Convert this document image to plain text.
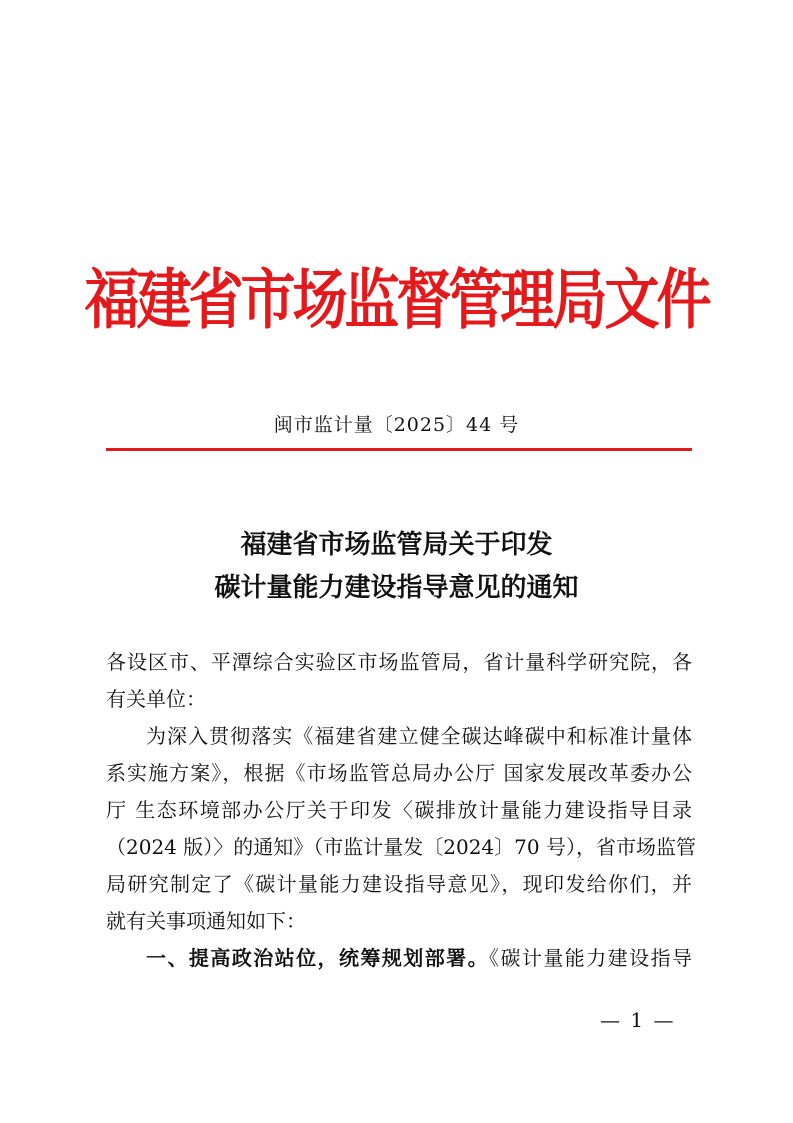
福建省市场监督管理局文件
闽市监计量〔2025〕44 号
福建省市场监管局关于印发
碳计量能力建设指导意见的通知
各设区市、平潭综合实验区市场监管局，省计量科学研究院，各
有关单位：
为深入贯彻落实《福建省建立健全碳达峰碳中和标准计量体
系实施方案》，根据《市场监管总局办公厅 国家发展改革委办公
厅 生态环境部办公厅关于印发〈碳排放计量能力建设指导目录
（2024 版）〉的通知》（市监计量发〔2024〕70 号），省市场监管
局研究制定了《碳计量能力建设指导意见》，现印发给你们，并
就有关事项通知如下：
一、提高政治站位，统筹规划部署。《碳计量能力建设指导
— 1 —
